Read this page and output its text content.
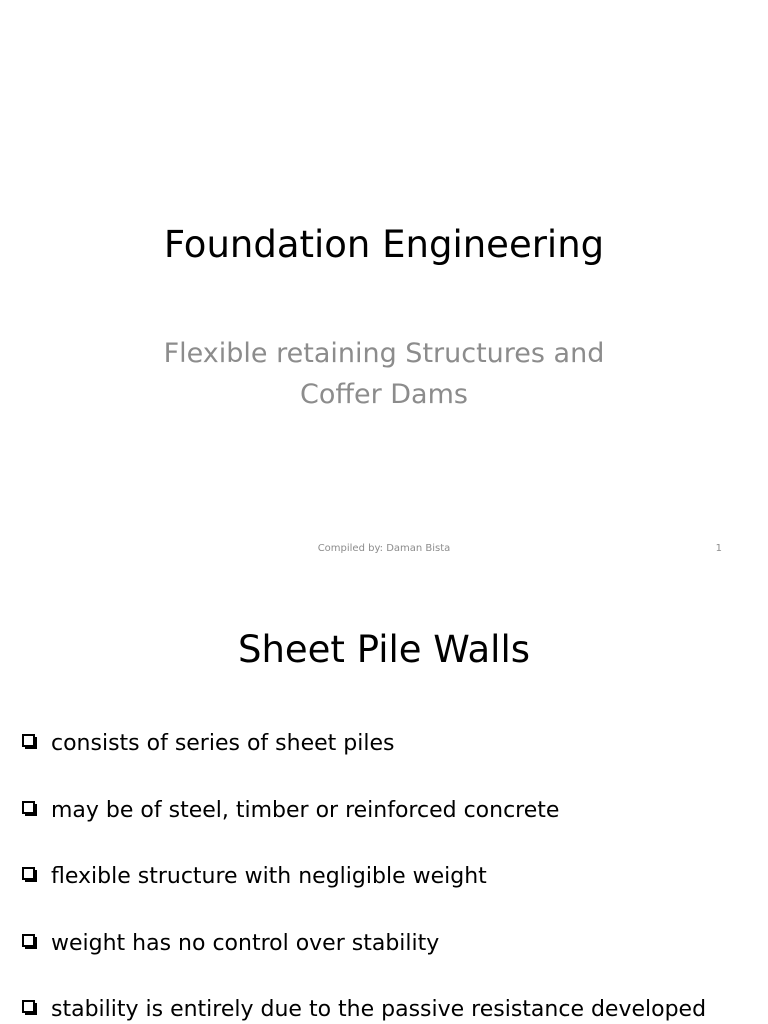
Foundation Engineering

Flexible retaining Structures and Coffer Dams

Compiled by: Daman Bista	1
Sheet Pile Walls
consists of series of sheet piles
may be of steel, timber or reinforced concrete
flexible structure with negligible weight
weight has no control over stability
stability is entirely due to the passive resistance developed
